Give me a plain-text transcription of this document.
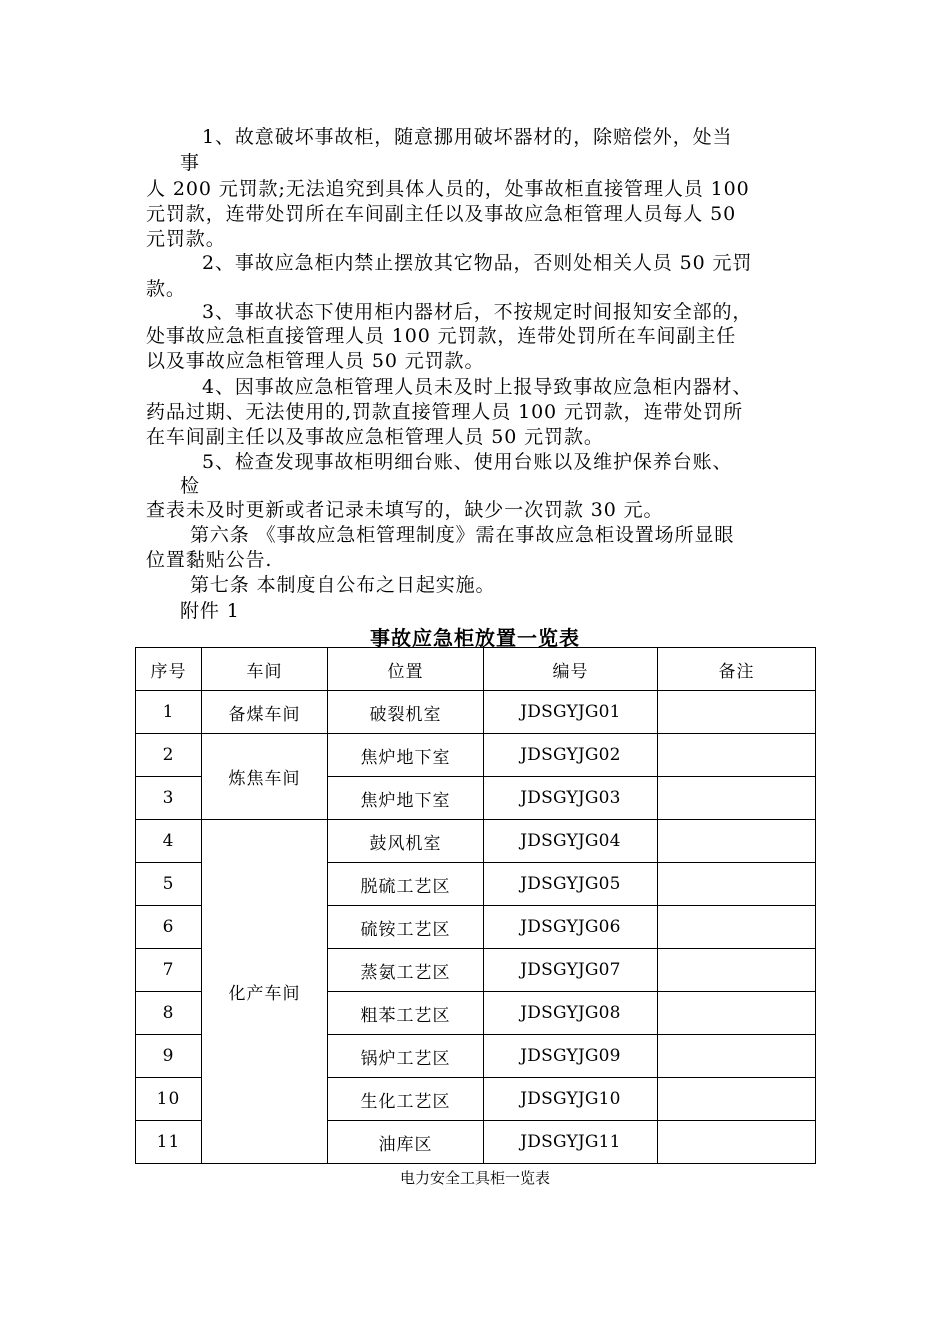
1、故意破坏事故柜，随意挪用破坏器材的，除赔偿外，处当
事
人 200 元罚款;无法追究到具体人员的，处事故柜直接管理人员 100
元罚款，连带处罚所在车间副主任以及事故应急柜管理人员每人 50
元罚款。
2、事故应急柜内禁止摆放其它物品，否则处相关人员 50 元罚
款。
3、事故状态下使用柜内器材后，不按规定时间报知安全部的，
处事故应急柜直接管理人员 100 元罚款，连带处罚所在车间副主任
以及事故应急柜管理人员 50 元罚款。
4、因事故应急柜管理人员未及时上报导致事故应急柜内器材、
药品过期、无法使用的,罚款直接管理人员 100 元罚款，连带处罚所
在车间副主任以及事故应急柜管理人员 50 元罚款。
5、检查发现事故柜明细台账、使用台账以及维护保养台账、
检
查表未及时更新或者记录未填写的，缺少一次罚款 30 元。
第六条 《事故应急柜管理制度》需在事故应急柜设置场所显眼
位置黏贴公告.
第七条 本制度自公布之日起实施。
附件 1
事故应急柜放置一览表
序号	车间	位置	编号	备注
1	备煤车间	破裂机室	JDSGYJG01	
2	炼焦车间	焦炉地下室	JDSGYJG02	
3		焦炉地下室	JDSGYJG03	
4	化产车间	鼓风机室	JDSGYJG04	
5		脱硫工艺区	JDSGYJG05	
6		硫铵工艺区	JDSGYJG06	
7		蒸氨工艺区	JDSGYJG07	
8		粗苯工艺区	JDSGYJG08	
9		锅炉工艺区	JDSGYJG09	
10		生化工艺区	JDSGYJG10	
11		油库区	JDSGYJG11	
电力安全工具柜一览表
